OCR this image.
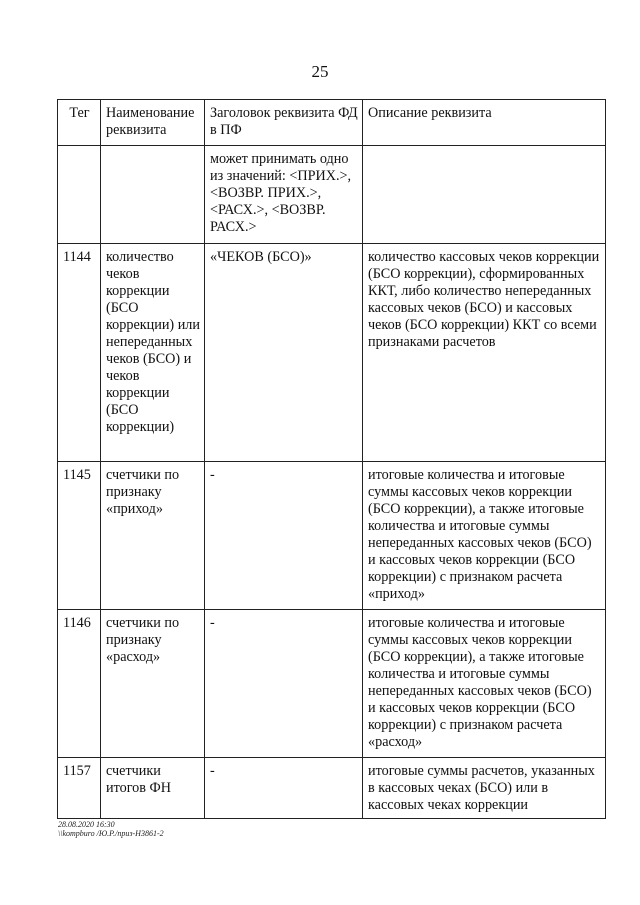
25
Тег	Наименование реквизита	Заголовок реквизита ФД в ПФ	Описание реквизита
		может принимать одно из значений: <ПРИХ.>, <ВОЗВР. ПРИХ.>, <РАСХ.>, <ВОЗВР. РАСХ.>	
1144	количество чеков коррекции (БСО коррекции) или непереданных чеков (БСО) и чеков коррекции (БСО коррекции)	«ЧЕКОВ (БСО)»	количество кассовых чеков коррекции (БСО коррекции), сформированных ККТ, либо количество непереданных кассовых чеков (БСО) и кассовых чеков (БСО коррекции) ККТ со всеми признаками расчетов
1145	счетчики по признаку «приход»	-	итоговые количества и итоговые суммы кассовых чеков коррекции (БСО коррекции), а также итоговые количества и итоговые суммы непереданных кассовых чеков (БСО) и кассовых чеков коррекции (БСО коррекции) с признаком расчета «приход»
1146	счетчики по признаку «расход»	-	итоговые количества и итоговые суммы кассовых чеков коррекции (БСО коррекции), а также итоговые количества и итоговые суммы непереданных кассовых чеков (БСО) и кассовых чеков коррекции (БСО коррекции) с признаком расчета «расход»
1157	счетчики итогов ФН	-	итоговые суммы расчетов, указанных в кассовых чеках (БСО) или в кассовых чеках коррекции
28.08.2020 16:30
\\kompburo /Ю.Р./приз-Н3861-2
